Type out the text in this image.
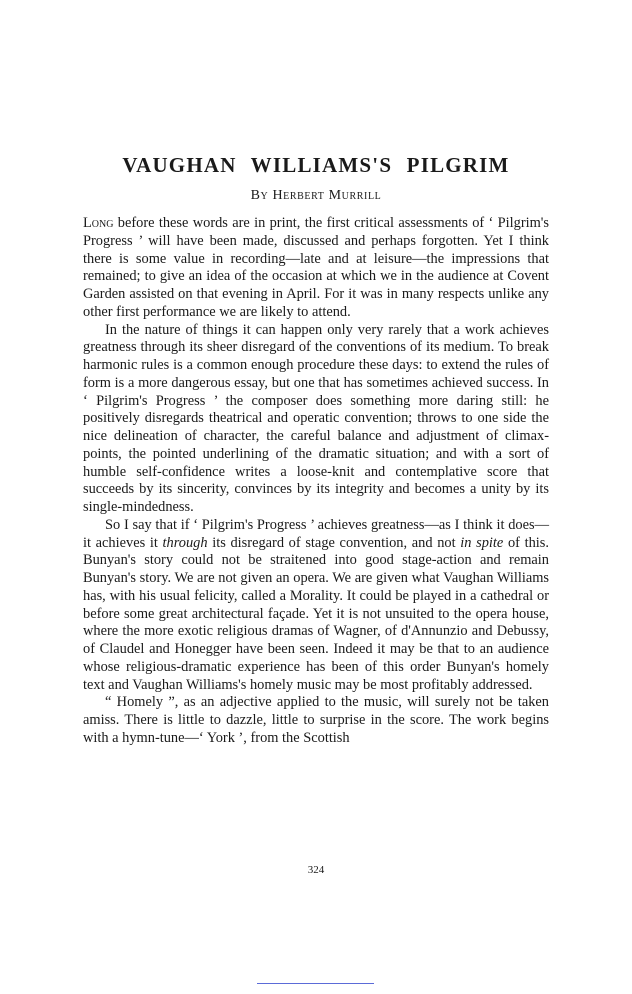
VAUGHAN WILLIAMS'S PILGRIM
By Herbert Murrill

Long before these words are in print, the first critical assessments of ‘ Pilgrim's Progress ’ will have been made, discussed and perhaps forgotten. Yet I think there is some value in recording—late and at leisure—the impressions that remained; to give an idea of the occasion at which we in the audience at Covent Garden assisted on that evening in April. For it was in many respects unlike any other first performance we are likely to attend.

In the nature of things it can happen only very rarely that a work achieves greatness through its sheer disregard of the conventions of its medium. To break harmonic rules is a common enough procedure these days: to extend the rules of form is a more dangerous essay, but one that has sometimes achieved success. In ‘ Pilgrim's Progress ’ the composer does something more daring still: he positively disregards theatrical and operatic convention; throws to one side the nice delineation of character, the careful balance and adjustment of climax-points, the pointed underlining of the dramatic situation; and with a sort of humble self-confidence writes a loose-knit and contemplative score that succeeds by its sincerity, convinces by its integrity and becomes a unity by its single-mindedness.

So I say that if ‘ Pilgrim's Progress ’ achieves greatness—as I think it does—it achieves it through its disregard of stage convention, and not in spite of this. Bunyan's story could not be straitened into good stage-action and remain Bunyan's story. We are not given an opera. We are given what Vaughan Williams has, with his usual felicity, called a Morality. It could be played in a cathedral or before some great architectural façade. Yet it is not unsuited to the opera house, where the more exotic religious dramas of Wagner, of d'Annunzio and Debussy, of Claudel and Honegger have been seen. Indeed it may be that to an audience whose religious-dramatic experience has been of this order Bunyan's homely text and Vaughan Williams's homely music may be most profitably addressed.

“ Homely ”, as an adjective applied to the music, will surely not be taken amiss. There is little to dazzle, little to surprise in the score. The work begins with a hymn-tune—‘ York ’, from the Scottish

324
